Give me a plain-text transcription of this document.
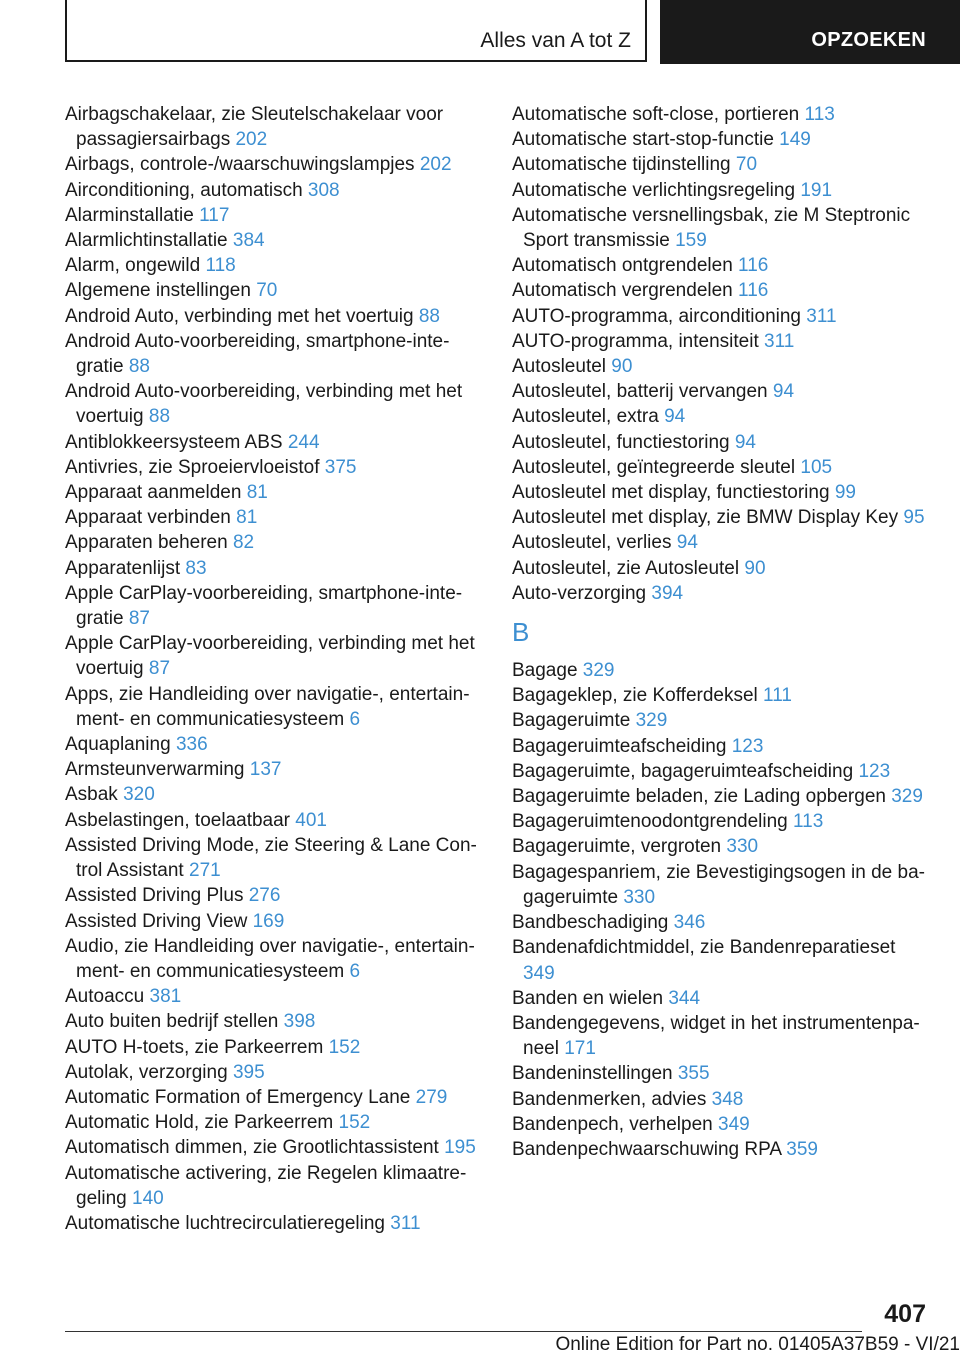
Alles van A tot Z	OPZOEKEN
Airbagschakelaar, zie Sleutelschakelaar voor passagiersairbags 202
Airbags, controle-/waarschuwingslampjes 202
Airconditioning, automatisch 308
Alarminstallatie 117
Alarmlichtinstallatie 384
Alarm, ongewild 118
Algemene instellingen 70
Android Auto, verbinding met het voertuig 88
Android Auto-voorbereiding, smartphone-integratie 88
Android Auto-voorbereiding, verbinding met het voertuig 88
Antiblokkeersysteem ABS 244
Antivries, zie Sproeiervloeistof 375
Apparaat aanmelden 81
Apparaat verbinden 81
Apparaten beheren 82
Apparatenlijst 83
Apple CarPlay-voorbereiding, smartphone-integratie 87
Apple CarPlay-voorbereiding, verbinding met het voertuig 87
Apps, zie Handleiding over navigatie-, entertainment- en communicatiesysteem 6
Aquaplaning 336
Armsteunverwarming 137
Asbak 320
Asbelastingen, toelaatbaar 401
Assisted Driving Mode, zie Steering & Lane Control Assistant 271
Assisted Driving Plus 276
Assisted Driving View 169
Audio, zie Handleiding over navigatie-, entertainment- en communicatiesysteem 6
Autoaccu 381
Auto buiten bedrijf stellen 398
AUTO H-toets, zie Parkeerrem 152
Autolak, verzorging 395
Automatic Formation of Emergency Lane 279
Automatic Hold, zie Parkeerrem 152
Automatisch dimmen, zie Grootlichtassistent 195
Automatische activering, zie Regelen klimaatregeling 140
Automatische luchtrecirculatieregeling 311
Automatische soft-close, portieren 113
Automatische start-stop-functie 149
Automatische tijdinstelling 70
Automatische verlichtingsregeling 191
Automatische versnellingsbak, zie M Steptronic Sport transmissie 159
Automatisch ontgrendelen 116
Automatisch vergrendelen 116
AUTO-programma, airconditioning 311
AUTO-programma, intensiteit 311
Autosleutel 90
Autosleutel, batterij vervangen 94
Autosleutel, extra 94
Autosleutel, functiestoring 94
Autosleutel, geïntegreerde sleutel 105
Autosleutel met display, functiestoring 99
Autosleutel met display, zie BMW Display Key 95
Autosleutel, verlies 94
Autosleutel, zie Autosleutel 90
Auto-verzorging 394
B
Bagage 329
Bagageklep, zie Kofferdeksel 111
Bagageruimte 329
Bagageruimteafscheiding 123
Bagageruimte, bagageruimteafscheiding 123
Bagageruimte beladen, zie Lading opbergen 329
Bagageruimtenoodontgrendeling 113
Bagageruimte, vergroten 330
Bagagespanriem, zie Bevestigingsogen in de bagageruimte 330
Bandbeschadiging 346
Bandenafdichtmiddel, zie Bandenreparatieset 349
Banden en wielen 344
Bandengegevens, widget in het instrumentenpaneel 171
Bandeninstellingen 355
Bandenmerken, advies 348
Bandenpech, verhelpen 349
Bandenpechwaarschuwing RPA 359
407
Online Edition for Part no. 01405A37B59 - VI/21
